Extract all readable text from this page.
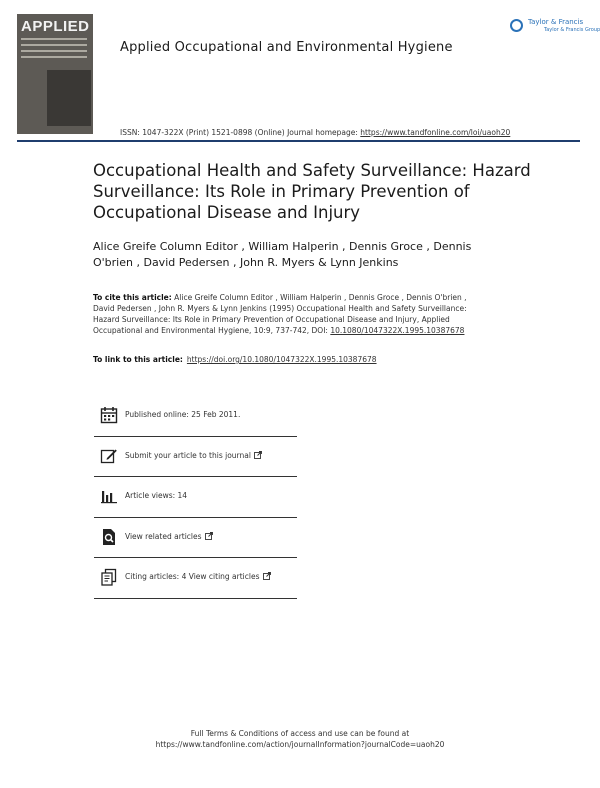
APPLIED
Applied Occupational and Environmental Hygiene
Taylor & Francis
Taylor & Francis Group
ISSN: 1047-322X (Print) 1521-0898 (Online) Journal homepage: https://www.tandfonline.com/loi/uaoh20
Occupational Health and Safety Surveillance: Hazard Surveillance: Its Role in Primary Prevention of Occupational Disease and Injury
Alice Greife Column Editor , William Halperin , Dennis Groce , Dennis O'brien , David Pedersen , John R. Myers & Lynn Jenkins
To cite this article: Alice Greife Column Editor , William Halperin , Dennis Groce , Dennis O'brien , David Pedersen , John R. Myers & Lynn Jenkins (1995) Occupational Health and Safety Surveillance: Hazard Surveillance: Its Role in Primary Prevention of Occupational Disease and Injury, Applied Occupational and Environmental Hygiene, 10:9, 737-742, DOI: 10.1080/1047322X.1995.10387678
To link to this article: https://doi.org/10.1080/1047322X.1995.10387678
Published online: 25 Feb 2011.
Submit your article to this journal
Article views: 14
View related articles
Citing articles: 4 View citing articles
Full Terms & Conditions of access and use can be found at
https://www.tandfonline.com/action/journalInformation?journalCode=uaoh20
